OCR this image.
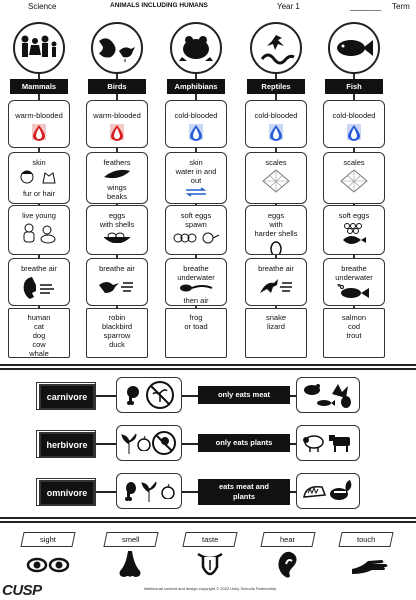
Science	ANIMALS INCLUDING HUMANS	Year 1	_______ Term
Mammals
warm-blooded
skin
fur or hair
live young
breathe air
human
cat
dog
cow
whale
Birds
warm-blooded
feathers
wings
beaks
eggs
with shells
breathe air
robin
blackbird
sparrow
duck
Amphibians
cold-blooded
skin
water in and
out
soft eggs
spawn
breathe
underwater
then air
frog
or toad
Reptiles
cold-blooded
scales
eggs
with
harder shells
breathe air
snake
lizard
Fish
cold-blooded
scales
soft eggs
breathe
underwater
salmon
cod
trout
carnivore	only eats meat
herbivore	only eats plants
omnivore
eats meat and plants
sight	smell	taste	hear	touch
CUSP	Intellectual content and design copyright © 2022 Unity Schools Partnership
